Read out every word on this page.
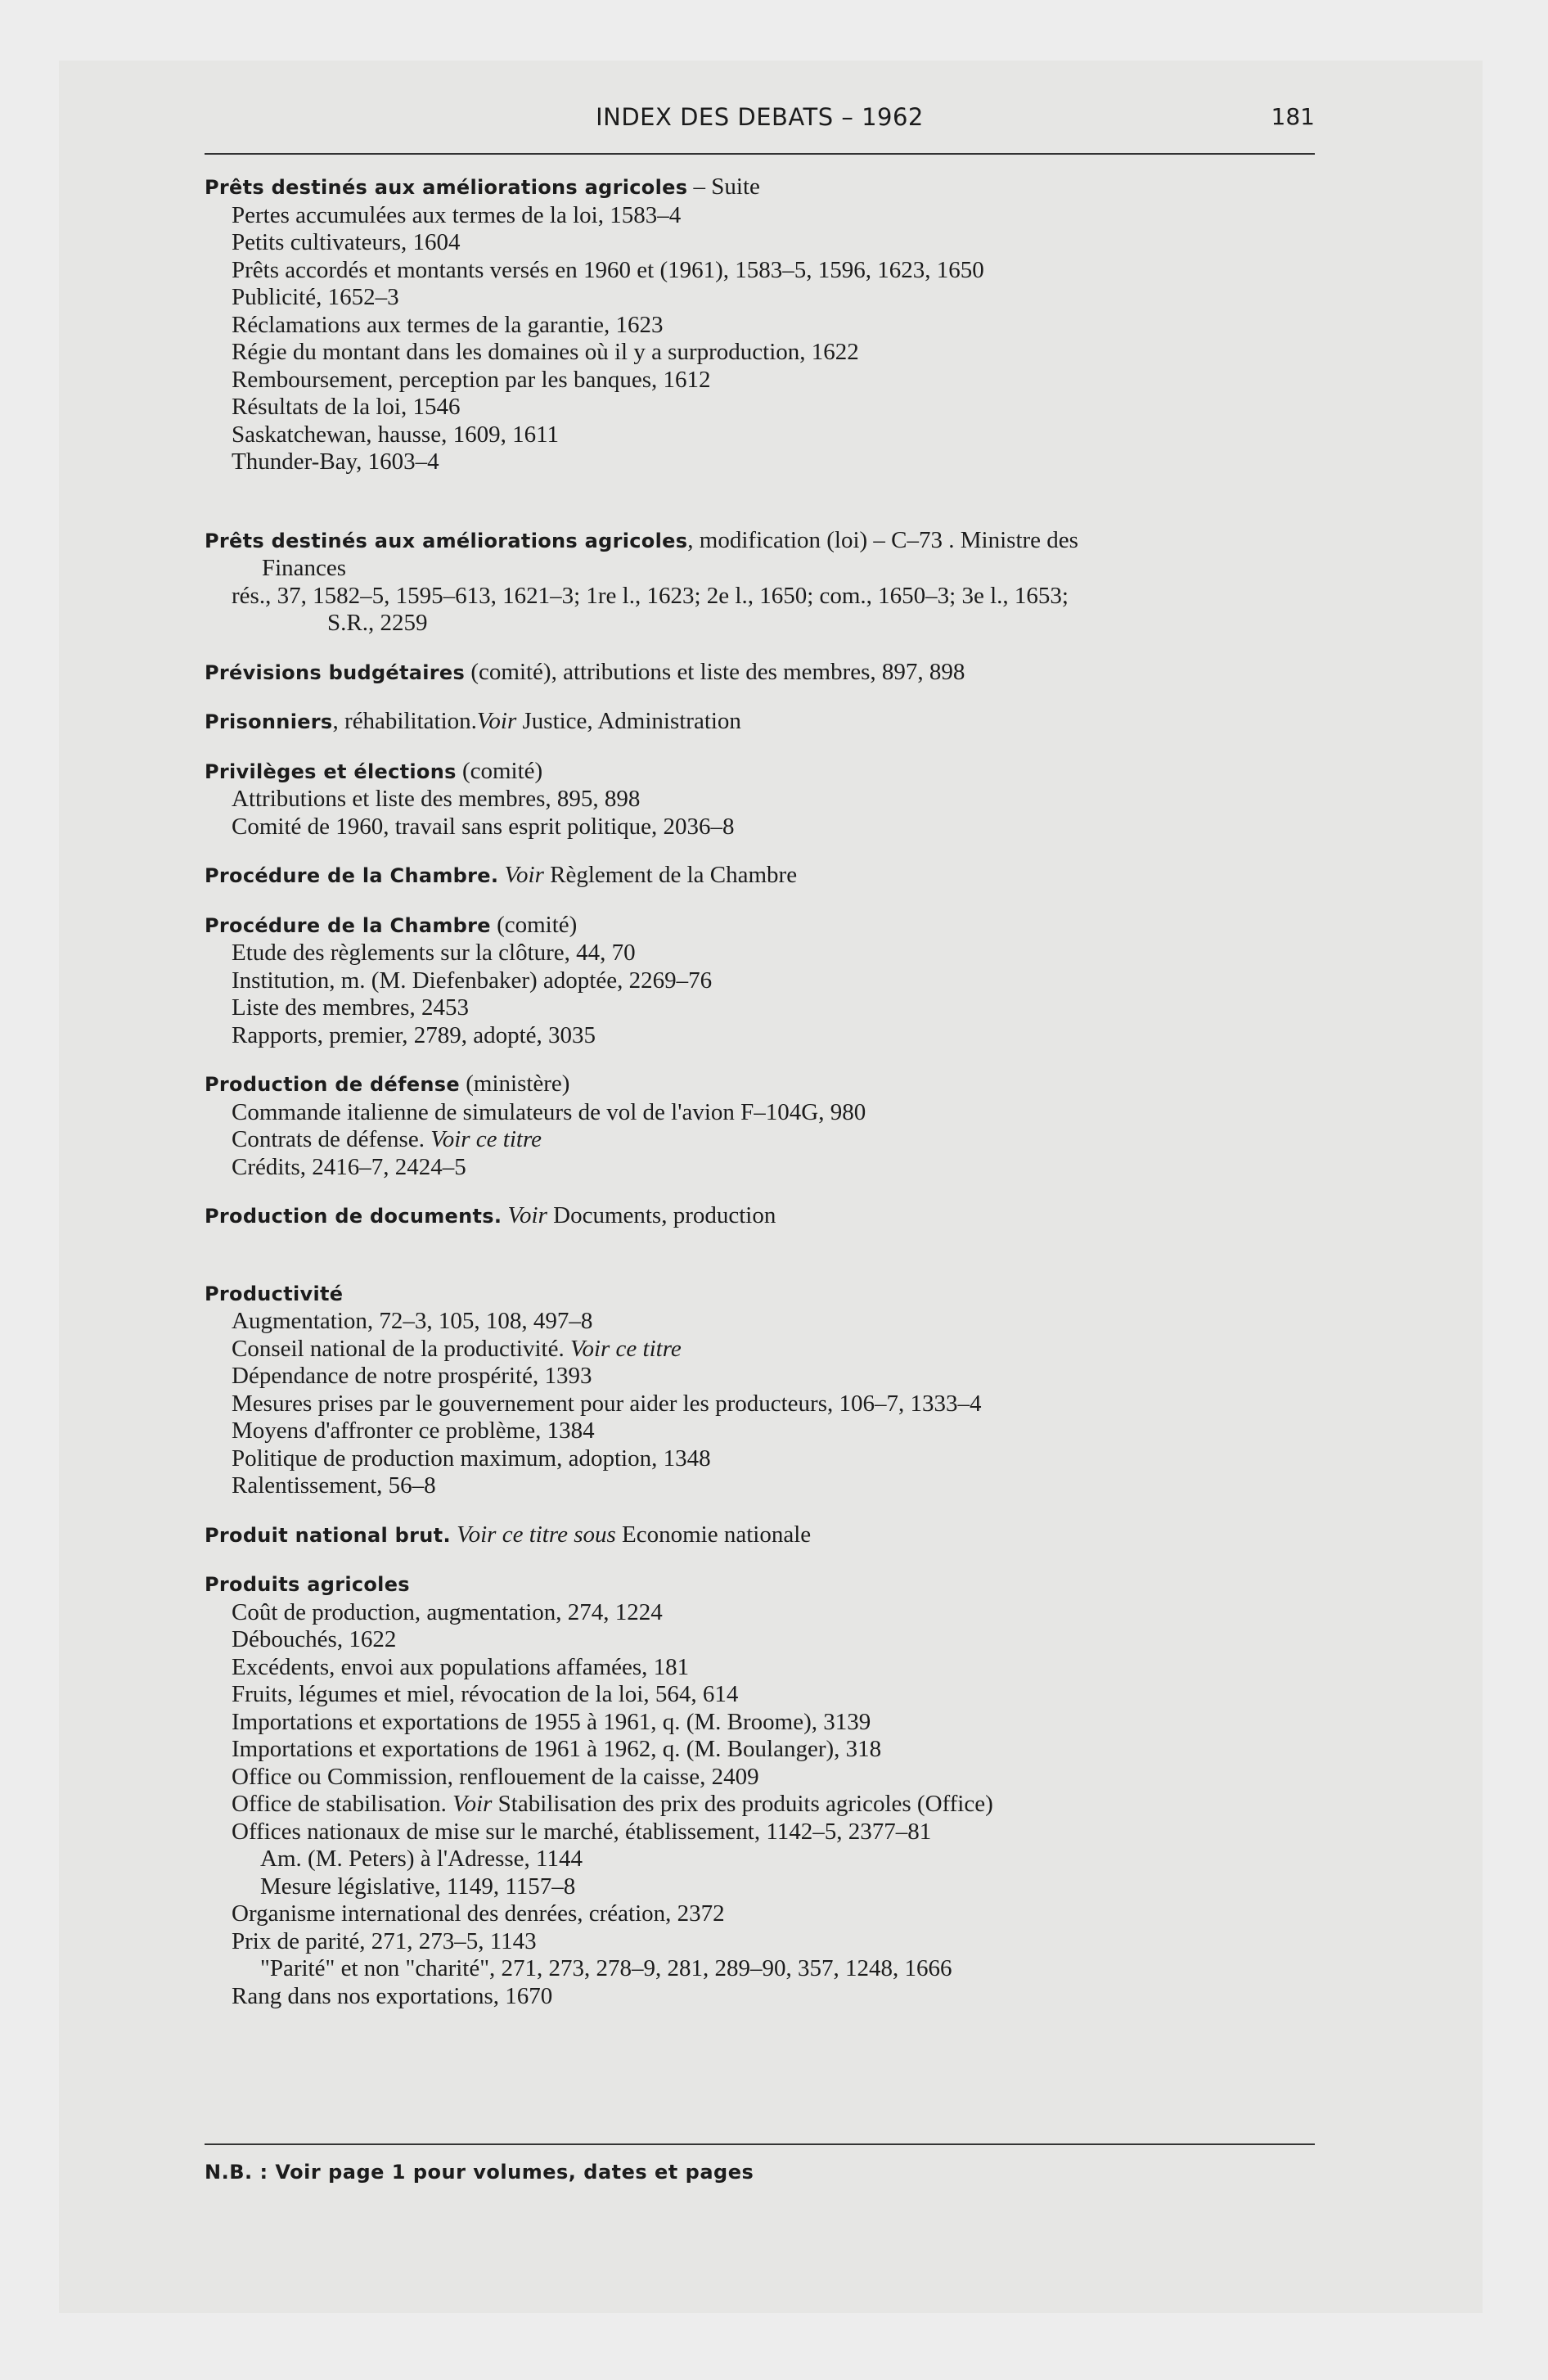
INDEX DES DEBATS – 1962	181
Prêts destinés aux améliorations agricoles – Suite
Pertes accumulées aux termes de la loi, 1583–4
Petits cultivateurs, 1604
Prêts accordés et montants versés en 1960 et (1961), 1583–5, 1596, 1623, 1650
Publicité, 1652–3
Réclamations aux termes de la garantie, 1623
Régie du montant dans les domaines où il y a surproduction, 1622
Remboursement, perception par les banques, 1612
Résultats de la loi, 1546
Saskatchewan, hausse, 1609, 1611
Thunder-Bay, 1603–4
Prêts destinés aux améliorations agricoles, modification (loi) – C–73 . Ministre des
Finances
rés., 37, 1582–5, 1595–613, 1621–3; 1re l., 1623; 2e l., 1650; com., 1650–3; 3e l., 1653;
S.R., 2259
Prévisions budgétaires (comité), attributions et liste des membres, 897, 898
Prisonniers, réhabilitation.Voir Justice, Administration
Privilèges et élections (comité)
Attributions et liste des membres, 895, 898
Comité de 1960, travail sans esprit politique, 2036–8
Procédure de la Chambre. Voir Règlement de la Chambre
Procédure de la Chambre (comité)
Etude des règlements sur la clôture, 44, 70
Institution, m. (M. Diefenbaker) adoptée, 2269–76
Liste des membres, 2453
Rapports, premier, 2789, adopté, 3035
Production de défense (ministère)
Commande italienne de simulateurs de vol de l'avion F–104G, 980
Contrats de défense. Voir ce titre
Crédits, 2416–7, 2424–5
Production de documents. Voir Documents, production
Productivité
Augmentation, 72–3, 105, 108, 497–8
Conseil national de la productivité. Voir ce titre
Dépendance de notre prospérité, 1393
Mesures prises par le gouvernement pour aider les producteurs, 106–7, 1333–4
Moyens d'affronter ce problème, 1384
Politique de production maximum, adoption, 1348
Ralentissement, 56–8
Produit national brut. Voir ce titre sous Economie nationale
Produits agricoles
Coût de production, augmentation, 274, 1224
Débouchés, 1622
Excédents, envoi aux populations affamées, 181
Fruits, légumes et miel, révocation de la loi, 564, 614
Importations et exportations de 1955 à 1961, q. (M. Broome), 3139
Importations et exportations de 1961 à 1962, q. (M. Boulanger), 318
Office ou Commission, renflouement de la caisse, 2409
Office de stabilisation. Voir Stabilisation des prix des produits agricoles (Office)
Offices nationaux de mise sur le marché, établissement, 1142–5, 2377–81
Am. (M. Peters) à l'Adresse, 1144
Mesure législative, 1149, 1157–8
Organisme international des denrées, création, 2372
Prix de parité, 271, 273–5, 1143
"Parité" et non "charité", 271, 273, 278–9, 281, 289–90, 357, 1248, 1666
Rang dans nos exportations, 1670
N.B. : Voir page 1 pour volumes, dates et pages
